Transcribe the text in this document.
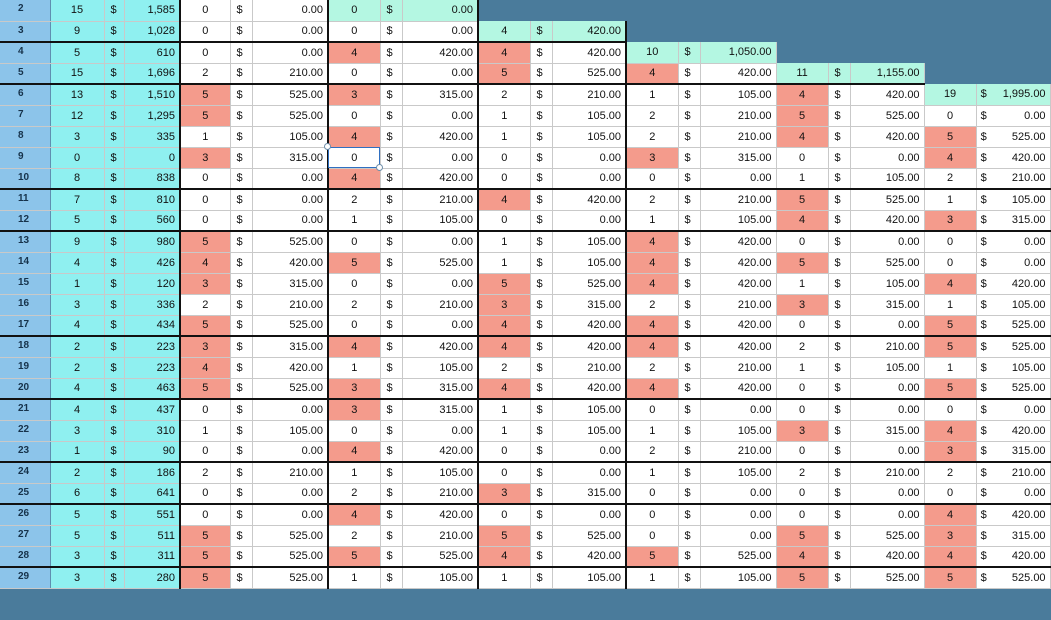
2	15	$	1,585	0	$	0.00	0	$	0.00											
3	9	$	1,028	0	$	0.00	0	$	0.00	4	$	420.00								
4	5	$	610	0	$	0.00	4	$	420.00	4	$	420.00	10	$	1,050.00					
5	15	$	1,696	2	$	210.00	0	$	0.00	5	$	525.00	4	$	420.00	11	$	1,155.00		
6	13	$	1,510	5	$	525.00	3	$	315.00	2	$	210.00	1	$	105.00	4	$	420.00	19	$ 1,995.00
7	12	$	1,295	5	$	525.00	0	$	0.00	1	$	105.00	2	$	210.00	5	$	525.00	0	$ 0.00
8	3	$	335	1	$	105.00	4	$	420.00	1	$	105.00	2	$	210.00	4	$	420.00	5	$ 525.00
9	0	$	0	3	$	315.00	0	$	0.00	0	$	0.00	3	$	315.00	0	$	0.00	4	$ 420.00
10	8	$	838	0	$	0.00	4	$	420.00	0	$	0.00	0	$	0.00	1	$	105.00	2	$ 210.00
11	7	$	810	0	$	0.00	2	$	210.00	4	$	420.00	2	$	210.00	5	$	525.00	1	$ 105.00
12	5	$	560	0	$	0.00	1	$	105.00	0	$	0.00	1	$	105.00	4	$	420.00	3	$ 315.00
13	9	$	980	5	$	525.00	0	$	0.00	1	$	105.00	4	$	420.00	0	$	0.00	0	$ 0.00
14	4	$	426	4	$	420.00	5	$	525.00	1	$	105.00	4	$	420.00	5	$	525.00	0	$ 0.00
15	1	$	120	3	$	315.00	0	$	0.00	5	$	525.00	4	$	420.00	1	$	105.00	4	$ 420.00
16	3	$	336	2	$	210.00	2	$	210.00	3	$	315.00	2	$	210.00	3	$	315.00	1	$ 105.00
17	4	$	434	5	$	525.00	0	$	0.00	4	$	420.00	4	$	420.00	0	$	0.00	5	$ 525.00
18	2	$	223	3	$	315.00	4	$	420.00	4	$	420.00	4	$	420.00	2	$	210.00	5	$ 525.00
19	2	$	223	4	$	420.00	1	$	105.00	2	$	210.00	2	$	210.00	1	$	105.00	1	$ 105.00
20	4	$	463	5	$	525.00	3	$	315.00	4	$	420.00	4	$	420.00	0	$	0.00	5	$ 525.00
21	4	$	437	0	$	0.00	3	$	315.00	1	$	105.00	0	$	0.00	0	$	0.00	0	$ 0.00
22	3	$	310	1	$	105.00	0	$	0.00	1	$	105.00	1	$	105.00	3	$	315.00	4	$ 420.00
23	1	$	90	0	$	0.00	4	$	420.00	0	$	0.00	2	$	210.00	0	$	0.00	3	$ 315.00
24	2	$	186	2	$	210.00	1	$	105.00	0	$	0.00	1	$	105.00	2	$	210.00	2	$ 210.00
25	6	$	641	0	$	0.00	2	$	210.00	3	$	315.00	0	$	0.00	0	$	0.00	0	$ 0.00
26	5	$	551	0	$	0.00	4	$	420.00	0	$	0.00	0	$	0.00	0	$	0.00	4	$ 420.00
27	5	$	511	5	$	525.00	2	$	210.00	5	$	525.00	0	$	0.00	5	$	525.00	3	$ 315.00
28	3	$	311	5	$	525.00	5	$	525.00	4	$	420.00	5	$	525.00	4	$	420.00	4	$ 420.00
29	3	$	280	5	$	525.00	1	$	105.00	1	$	105.00	1	$	105.00	5	$	525.00	5	$ 525.00
